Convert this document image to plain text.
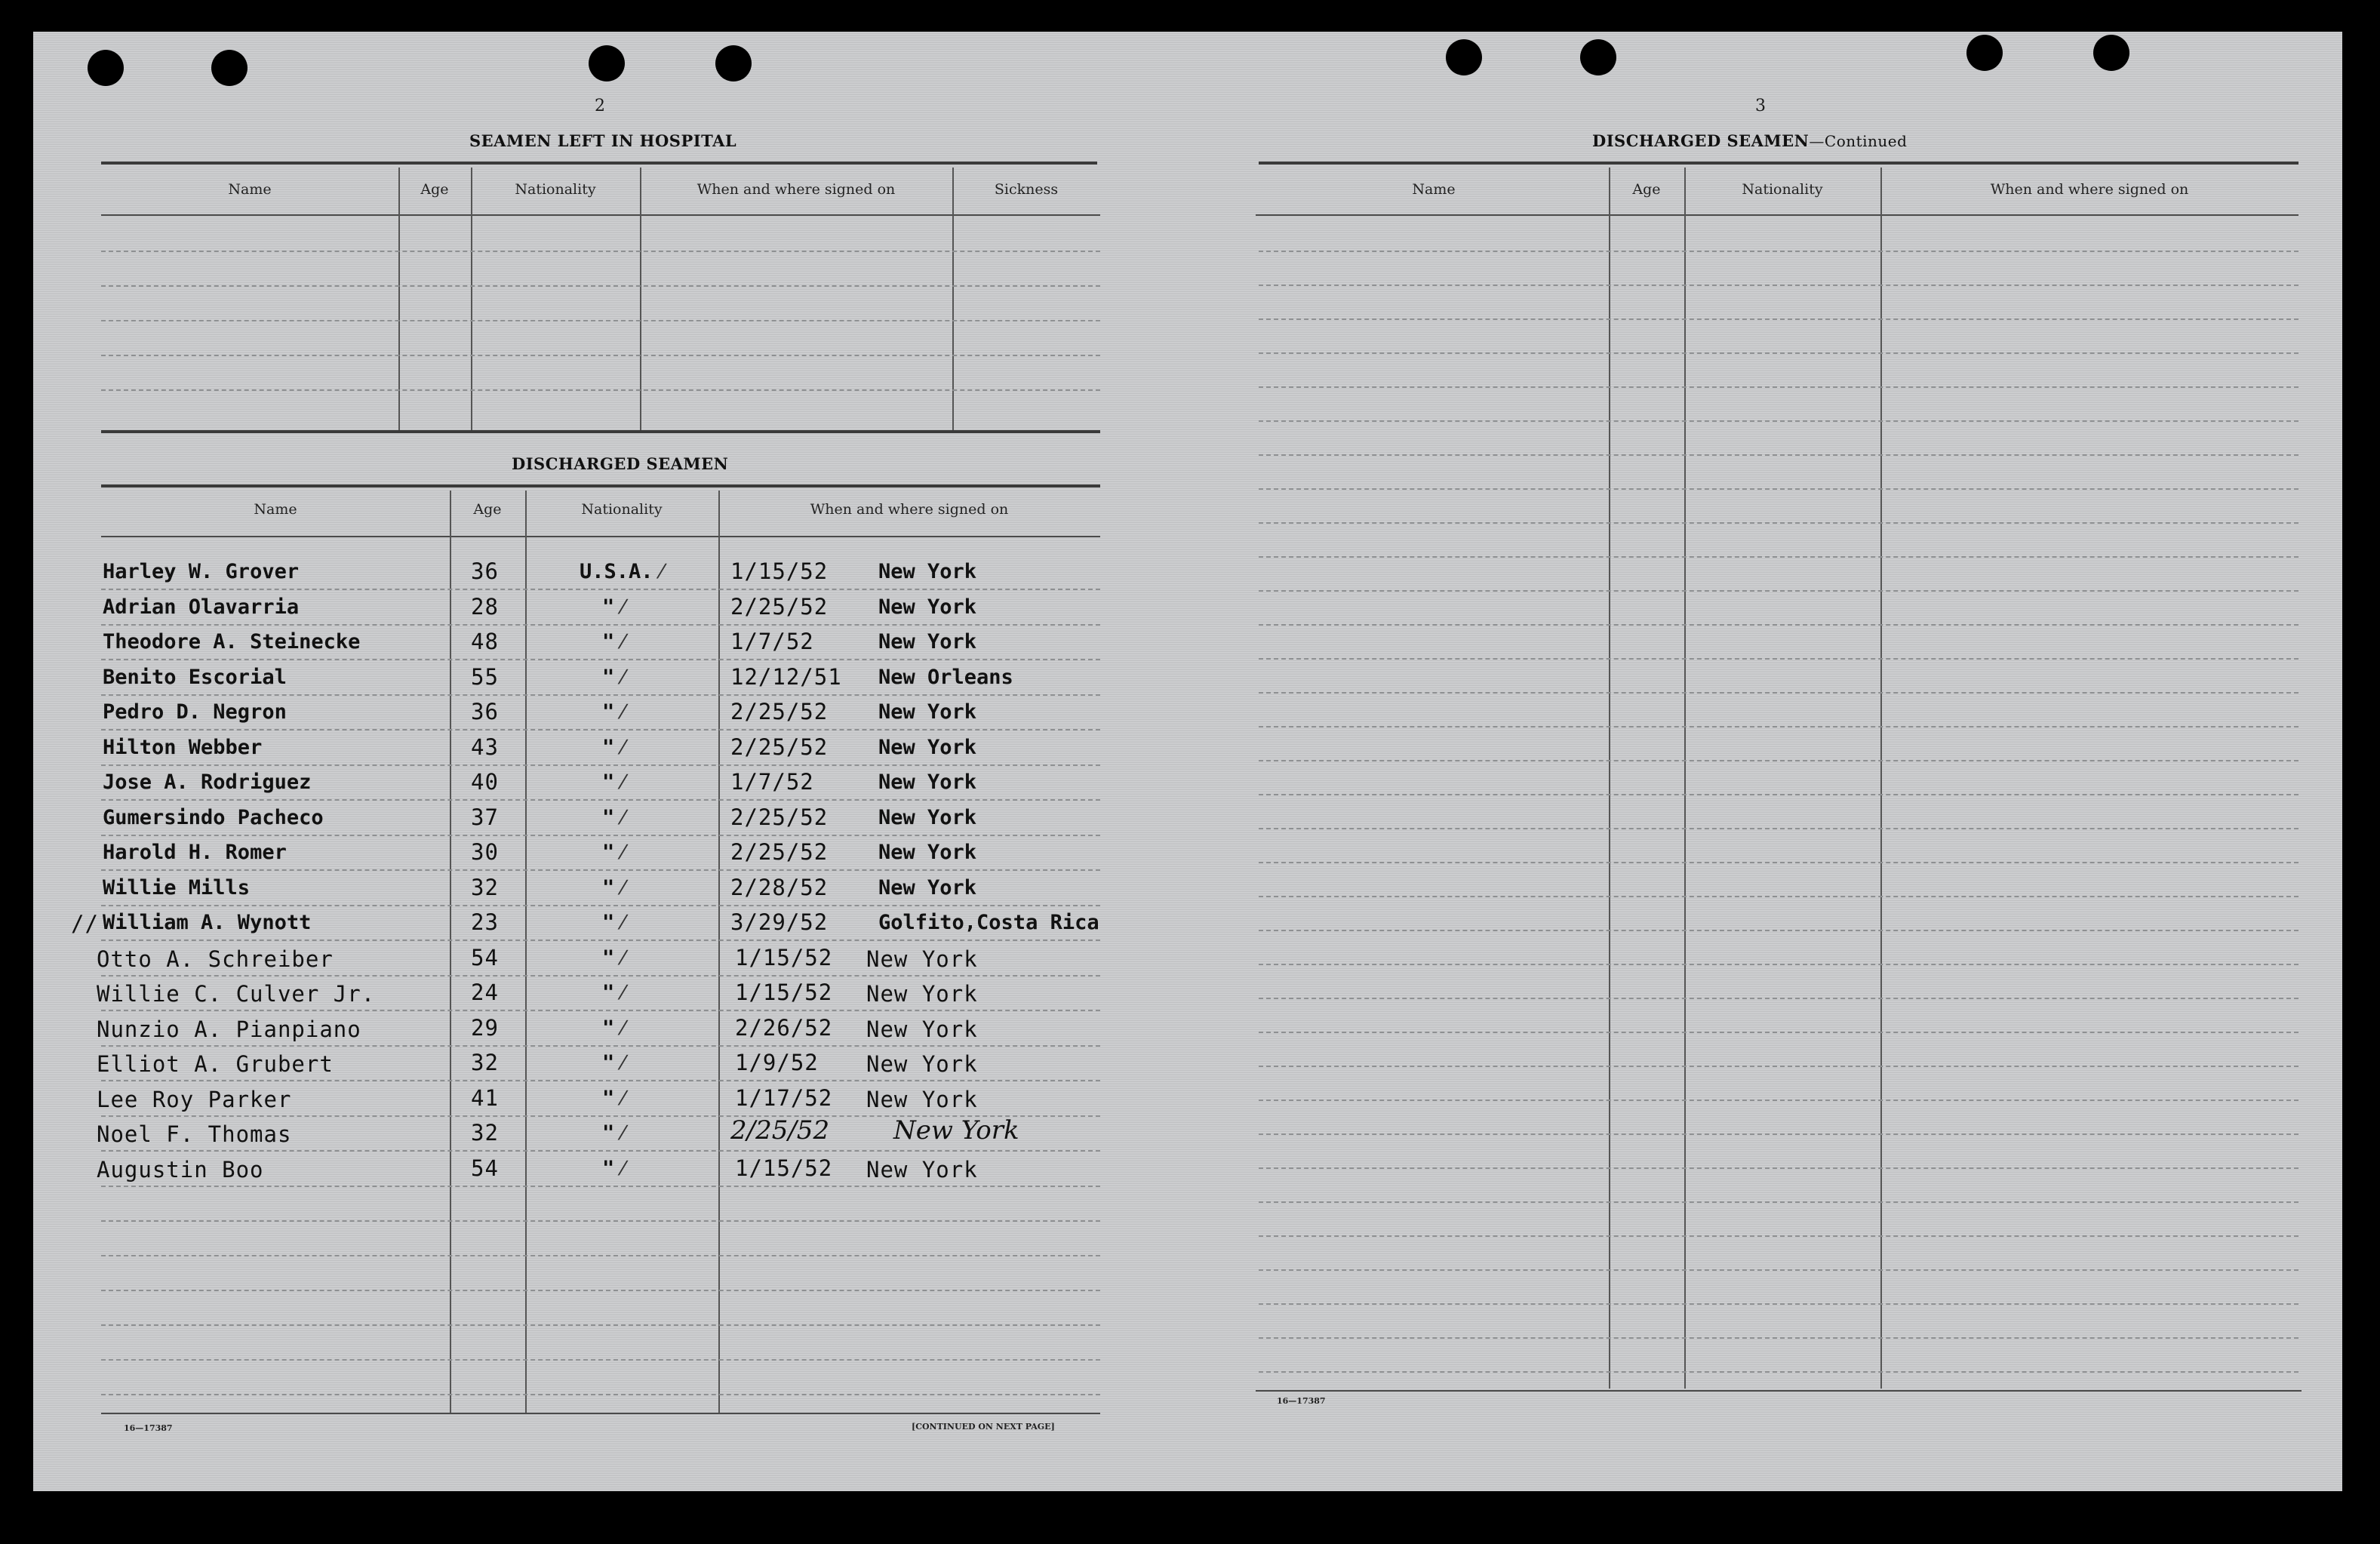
2
SEAMEN LEFT IN HOSPITAL
Name	Age	Nationality	When and where signed on	Sickness
DISCHARGED SEAMEN
Name	Age	Nationality	When and where signed on
Harley W. Grover	36	U.S.A. ⁄	1/15/52 New York
Adrian Olavarria	28	" ⁄	2/25/52 New York
Theodore A. Steinecke	48	" ⁄	1/7/52	New York
Benito Escorial	55	" ⁄	12/12/51 New Orleans
Pedro D. Negron	36	" ⁄	2/25/52 New York
Hilton Webber	43	" ⁄	2/25/52 New York
Jose A. Rodriguez	40	" ⁄	1/7/52	New York
Gumersindo Pacheco	37	" ⁄	2/25/52 New York
Harold H. Romer	30	" ⁄	2/25/52 New York
Willie Mills	32	" ⁄	2/28/52 New York
// William A. Wynott	23	" ⁄	3/29/52 Golfito,Costa Rica
Otto A. Schreiber	54	" ⁄	1/15/52 New York
Willie C. Culver Jr.	24	" ⁄	1/15/52 New York
Nunzio A. Pianpiano	29	" ⁄	2/26/52 New York
Elliot A. Grubert	32	" ⁄	1/9/52 New York
Lee Roy Parker	41	" ⁄	1/17/52 New York
Noel F. Thomas	32	" ⁄	2/25/52 New York
Augustin Boo	54	" ⁄	1/15/52 New York
16—17387	[CONTINUED ON NEXT PAGE]
3
DISCHARGED SEAMEN—Continued
Name	Age	Nationality	When and where signed on
16—17387
